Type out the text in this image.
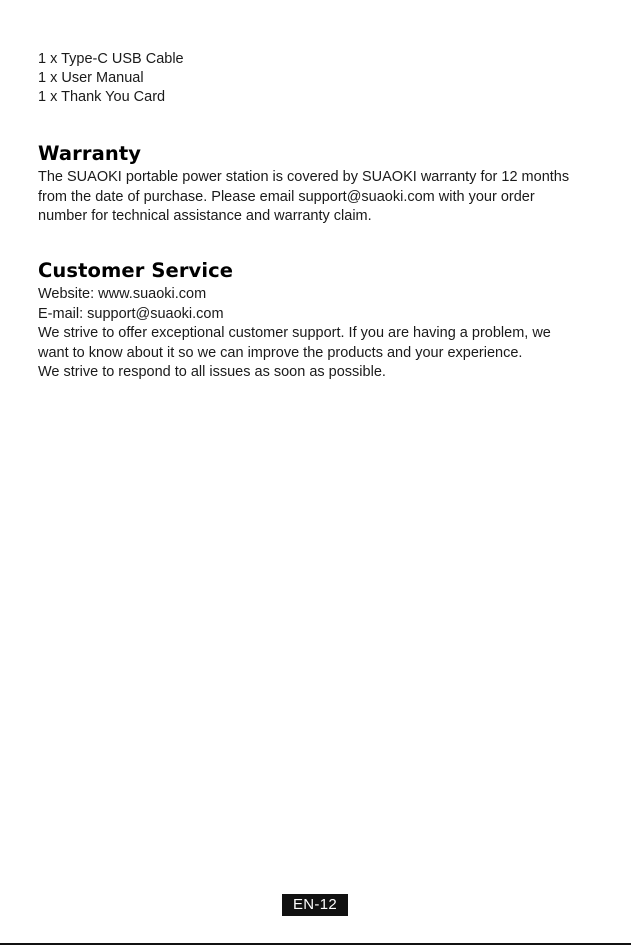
1 x Type-C USB Cable
1 x User Manual
1 x Thank You Card
Warranty

The SUAOKI portable power station is covered by SUAOKI warranty for 12 months
from the date of purchase. Please email support@suaoki.com with your order
number for technical assistance and warranty claim.

Customer Service
Website: www.suaoki.com
E-mail: support@suaoki.com
We strive to offer exceptional customer support. If you are having a problem, we
want to know about it so we can improve the products and your experience.
We strive to respond to all issues as soon as possible.
EN-12
